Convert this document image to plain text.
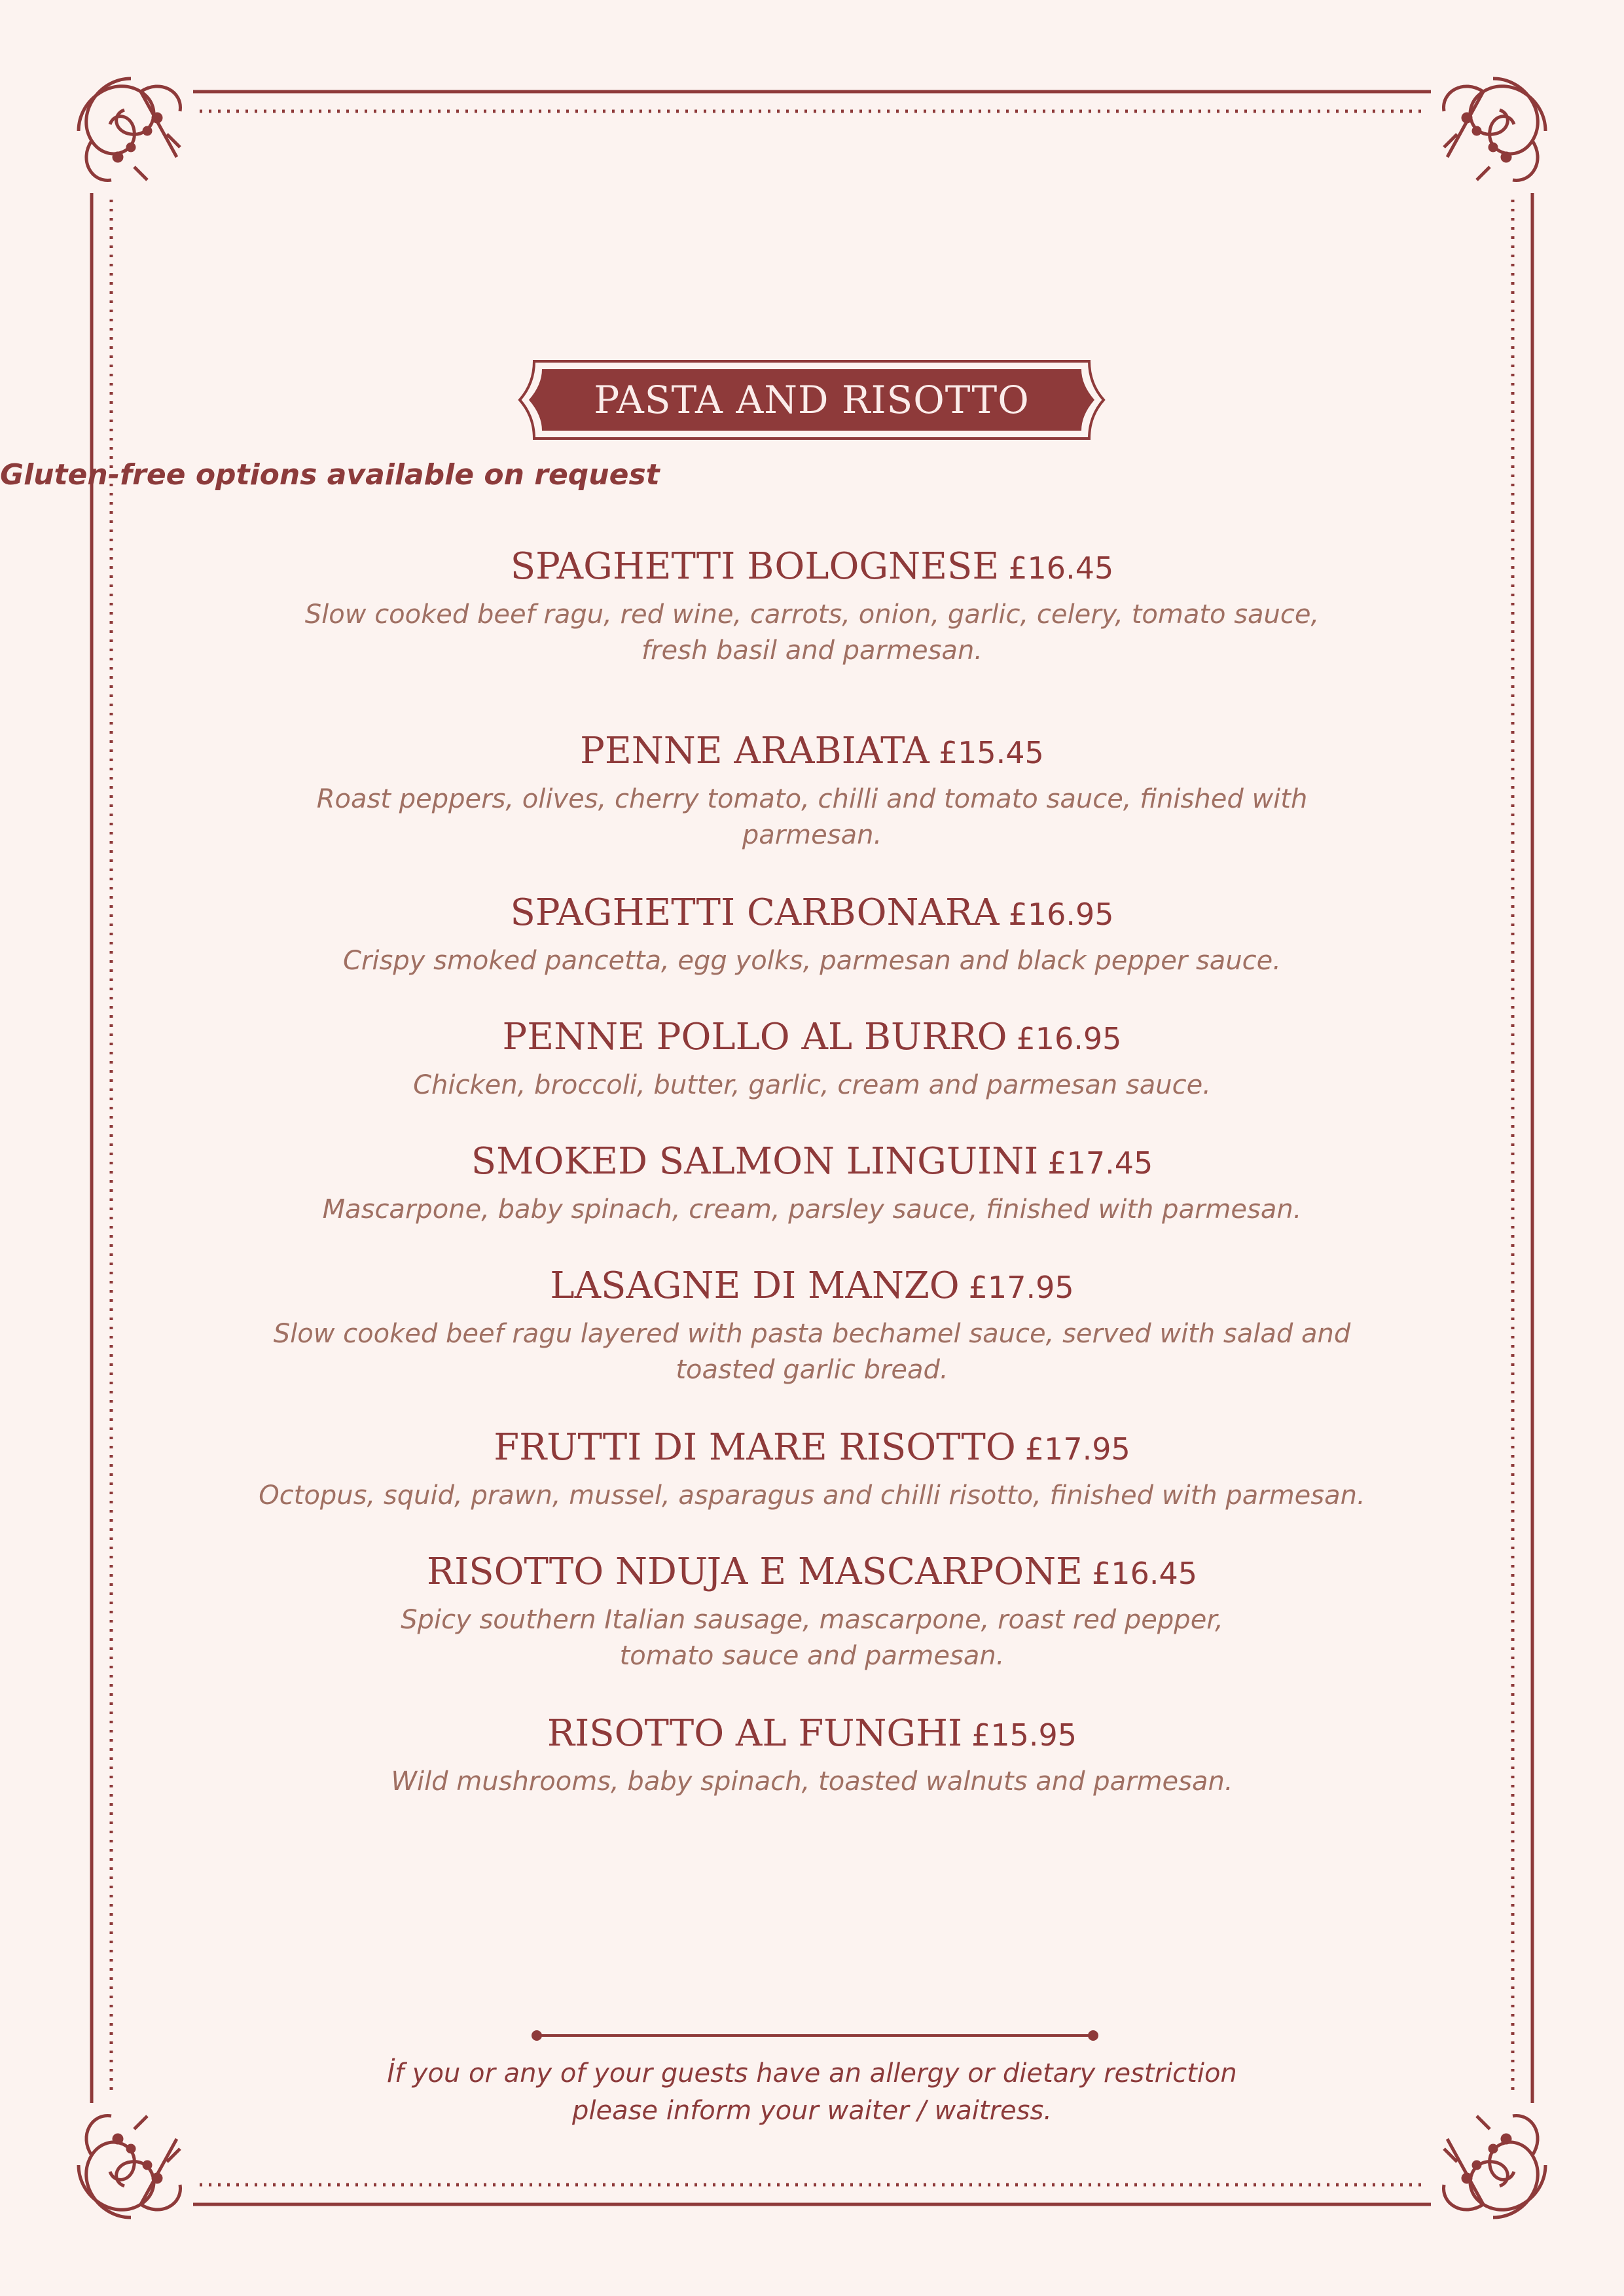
PASTA AND RISOTTO
Gluten-free options available on request
SPAGHETTI BOLOGNESE £16.45
Slow cooked beef ragu, red wine, carrots, onion, garlic, celery, tomato sauce,
fresh basil and parmesan.
PENNE ARABIATA £15.45
Roast peppers, olives, cherry tomato, chilli and tomato sauce, finished with parmesan.
SPAGHETTI CARBONARA £16.95
Crispy smoked pancetta, egg yolks, parmesan and black pepper sauce.
PENNE POLLO AL BURRO £16.95
Chicken, broccoli, butter, garlic, cream and parmesan sauce.
SMOKED SALMON LINGUINI £17.45
Mascarpone, baby spinach, cream, parsley sauce, finished with parmesan.
LASAGNE DI MANZO £17.95
Slow cooked beef ragu layered with pasta bechamel sauce, served with salad and
toasted garlic bread.
FRUTTI DI MARE RISOTTO £17.95
Octopus, squid, prawn, mussel, asparagus and chilli risotto, finished with parmesan.
RISOTTO NDUJA E MASCARPONE £16.45
Spicy southern Italian sausage, mascarpone, roast red pepper,
tomato sauce and parmesan.
RISOTTO AL FUNGHI £15.95
Wild mushrooms, baby spinach, toasted walnuts and parmesan.
İf you or any of your guests have an allergy or dietary restriction
please inform your waiter / waitress.
